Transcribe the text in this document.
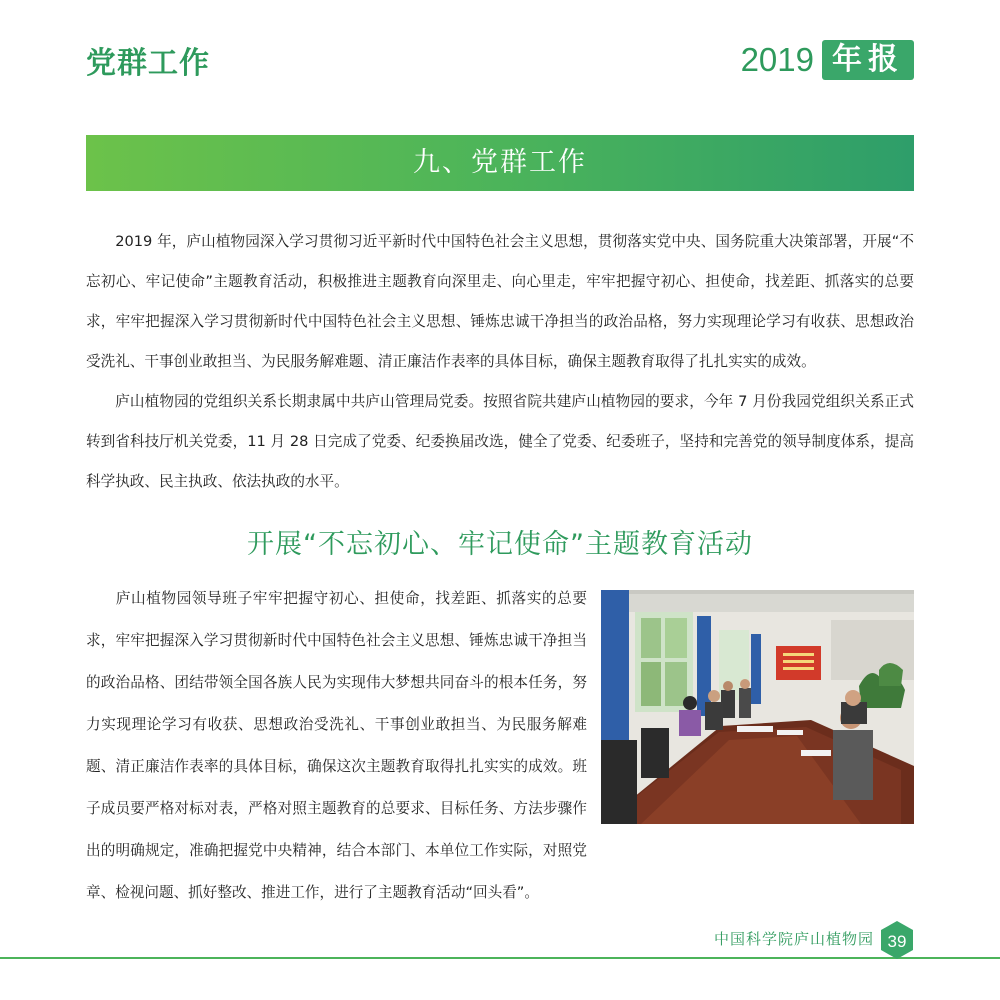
党群工作	2019 年报
九、党群工作

2019 年，庐山植物园深入学习贯彻习近平新时代中国特色社会主义思想，贯彻落实党中央、国务院重大决策部署，开展“不忘初心、牢记使命”主题教育活动，积极推进主题教育向深里走、向心里走，牢牢把握守初心、担使命，找差距、抓落实的总要求，牢牢把握深入学习贯彻新时代中国特色社会主义思想、锤炼忠诚干净担当的政治品格，努力实现理论学习有收获、思想政治受洗礼、干事创业敢担当、为民服务解难题、清正廉洁作表率的具体目标，确保主题教育取得了扎扎实实的成效。

庐山植物园的党组织关系长期隶属中共庐山管理局党委。按照省院共建庐山植物园的要求，今年 7 月份我园党组织关系正式转到省科技厅机关党委，11 月 28 日完成了党委、纪委换届改选，健全了党委、纪委班子，坚持和完善党的领导制度体系，提高科学执政、民主执政、依法执政的水平。

开展“不忘初心、牢记使命”主题教育活动
庐山植物园领导班子牢牢把握守初心、担使命，找差距、抓落实的总要求，牢牢把握深入学习贯彻新时代中国特色社会主义思想、锤炼忠诚干净担当的政治品格、团结带领全国各族人民为实现伟大梦想共同奋斗的根本任务，努力实现理论学习有收获、思想政治受洗礼、干事创业敢担当、为民服务解难题、清正廉洁作表率的具体目标，确保这次主题教育取得扎扎实实的成效。班子成员要严格对标对表，严格对照主题教育的总要求、目标任务、方法步骤作出的明确规定，准确把握党中央精神，结合本部门、本单位工作实际，对照党章、检视问题、抓好整改、推进工作，进行了主题教育活动“回头看”。
中国科学院庐山植物园 39
